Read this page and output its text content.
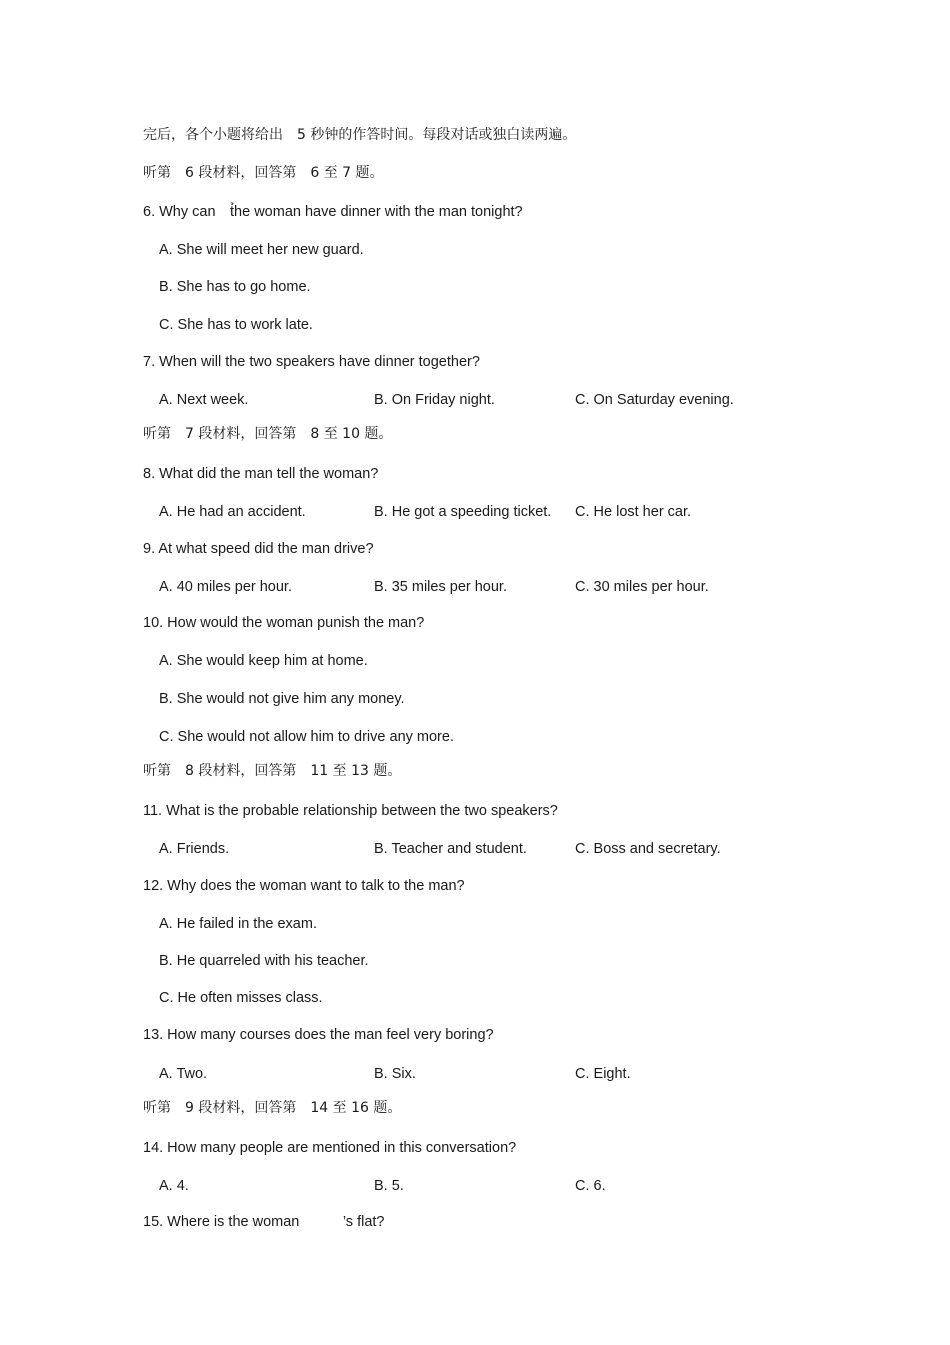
完后，各个小题将给出　5 秒钟的作答时间。每段对话或独白读两遍。
听第　6 段材料，回答第　6 至 7 题。
6. Why can　t̉he woman have dinner with the man tonight?
A. She will meet her new guard.
B. She has to go home.
C. She has to work late.
7. When will the two speakers have dinner together?
A. Next week.	B. On Friday night.	C. On Saturday evening.
听第　7 段材料，回答第　8 至 10 题。
8. What did the man tell the woman?
A. He had an accident.	B. He got a speeding ticket. C. He lost her car.
9. At what speed did the man drive?
A. 40 miles per hour.	B. 35 miles per hour.	C. 30 miles per hour.
10. How would the woman punish the man?
A. She would keep him at home.
B. She would not give him any money.
C. She would not allow him to drive any more.
听第　8 段材料，回答第　11 至 13 题。
11. What is the probable relationship between the two speakers?
A. Friends.	B. Teacher and student.	C. Boss and secretary.
12. Why does the woman want to talk to the man?
A. He failed in the exam.
B. He quarreled with his teacher.
C. He often misses class.
13. How many courses does the man feel very boring?
A. Two.	B. Six.	C. Eight.
听第　9 段材料，回答第　14 至 16 题。
14. How many people are mentioned in this conversation?
A. 4.	B. 5.	C. 6.
15. Where is the woman　　　’s flat?
